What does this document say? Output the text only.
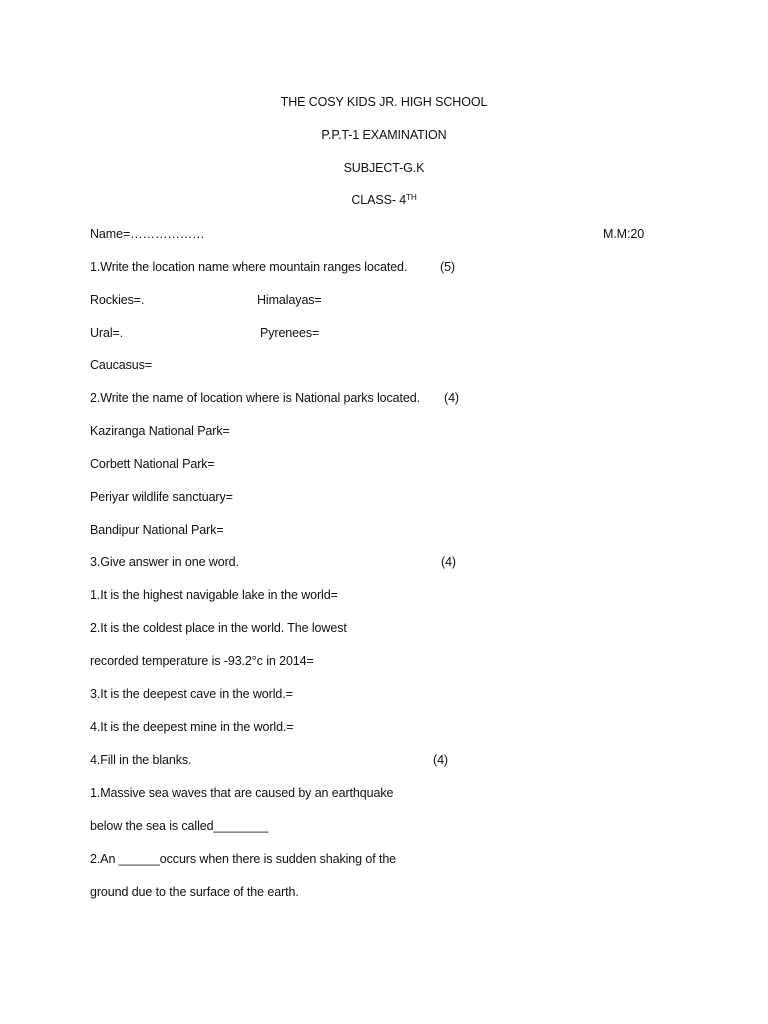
THE COSY KIDS JR. HIGH SCHOOL
P.P.T-1 EXAMINATION
SUBJECT-G.K
CLASS- 4TH
Name=………………	M.M:20
1.Write the location name where mountain ranges located.	(5)
Rockies=.	Himalayas=
Ural=.	Pyrenees=
Caucasus=
2.Write the name of location where is National parks located. (4)
Kaziranga National Park=
Corbett National Park=
Periyar wildlife sanctuary=
Bandipur National Park=
3.Give answer in one word.	(4)
1.It is the highest navigable lake in the world=
2.It is the coldest place in the world. The lowest
recorded temperature is -93.2°c in 2014=
3.It is the deepest cave in the world.=
4.It is the deepest mine in the world.=
4.Fill in the blanks.	(4)
1.Massive sea waves that are caused by an earthquake
below the sea is called________
2.An ______occurs when there is sudden shaking of the
ground due to the surface of the earth.
